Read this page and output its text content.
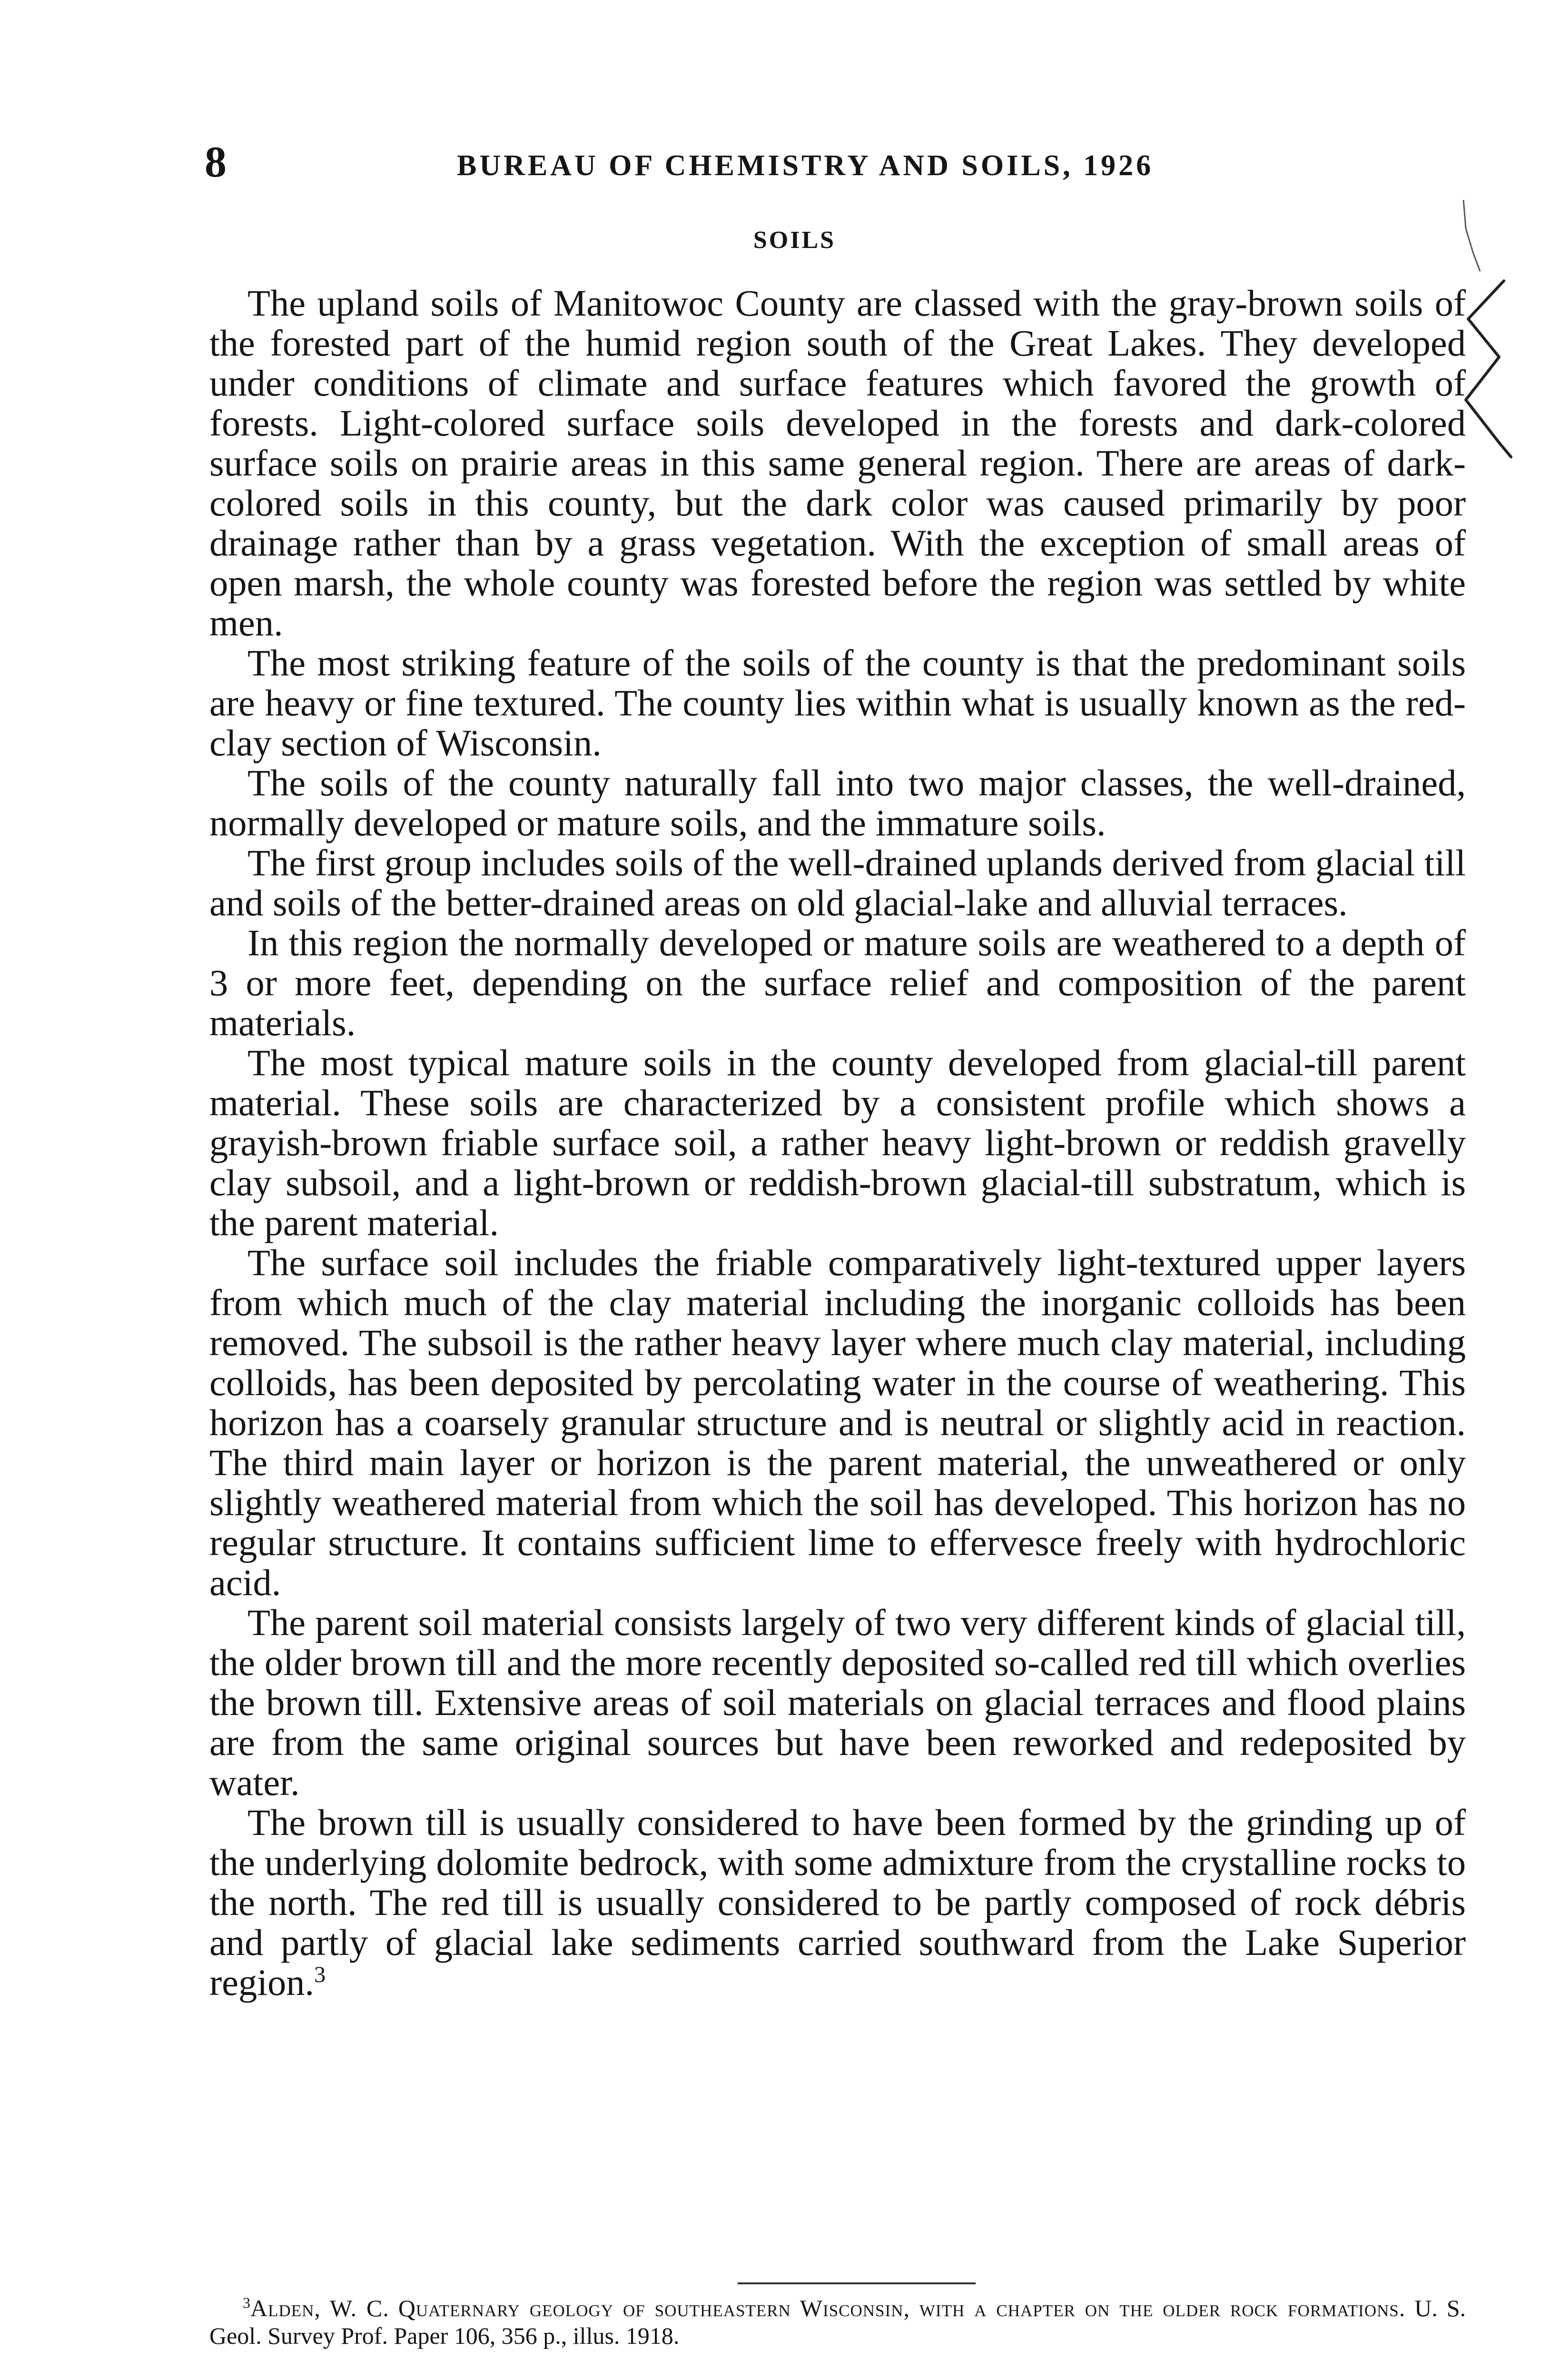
8	BUREAU OF CHEMISTRY AND SOILS, 1926
SOILS

The upland soils of Manitowoc County are classed with the gray-brown soils of the forested part of the humid region south of the Great Lakes. They developed under conditions of climate and surface features which favored the growth of forests. Light-colored surface soils developed in the forests and dark-colored surface soils on prairie areas in this same general region. There are areas of dark-colored soils in this county, but the dark color was caused primarily by poor drainage rather than by a grass vegetation. With the exception of small areas of open marsh, the whole county was forested before the region was settled by white men.

The most striking feature of the soils of the county is that the predominant soils are heavy or fine textured. The county lies within what is usually known as the red-clay section of Wisconsin.

The soils of the county naturally fall into two major classes, the well-drained, normally developed or mature soils, and the immature soils.

The first group includes soils of the well-drained uplands derived from glacial till and soils of the better-drained areas on old glacial-lake and alluvial terraces.

In this region the normally developed or mature soils are weathered to a depth of 3 or more feet, depending on the surface relief and composition of the parent materials.

The most typical mature soils in the county developed from glacial-till parent material. These soils are characterized by a consistent profile which shows a grayish-brown friable surface soil, a rather heavy light-brown or reddish gravelly clay subsoil, and a light-brown or reddish-brown glacial-till substratum, which is the parent material.

The surface soil includes the friable comparatively light-textured upper layers from which much of the clay material including the inorganic colloids has been removed. The subsoil is the rather heavy layer where much clay material, including colloids, has been deposited by percolating water in the course of weathering. This horizon has a coarsely granular structure and is neutral or slightly acid in reaction. The third main layer or horizon is the parent material, the unweathered or only slightly weathered material from which the soil has developed. This horizon has no regular structure. It contains sufficient lime to effervesce freely with hydrochloric acid.

The parent soil material consists largely of two very different kinds of glacial till, the older brown till and the more recently deposited so-called red till which overlies the brown till. Extensive areas of soil materials on glacial terraces and flood plains are from the same original sources but have been reworked and redeposited by water.

The brown till is usually considered to have been formed by the grinding up of the underlying dolomite bedrock, with some admixture from the crystalline rocks to the north. The red till is usually considered to be partly composed of rock débris and partly of glacial lake sediments carried southward from the Lake Superior region.$^3$

$^3$Alden, W. C. Quaternary geology of southeastern Wisconsin, with a chapter on the older rock formations. U. S. Geol. Survey Prof. Paper 106, 356 p., illus. 1918.
